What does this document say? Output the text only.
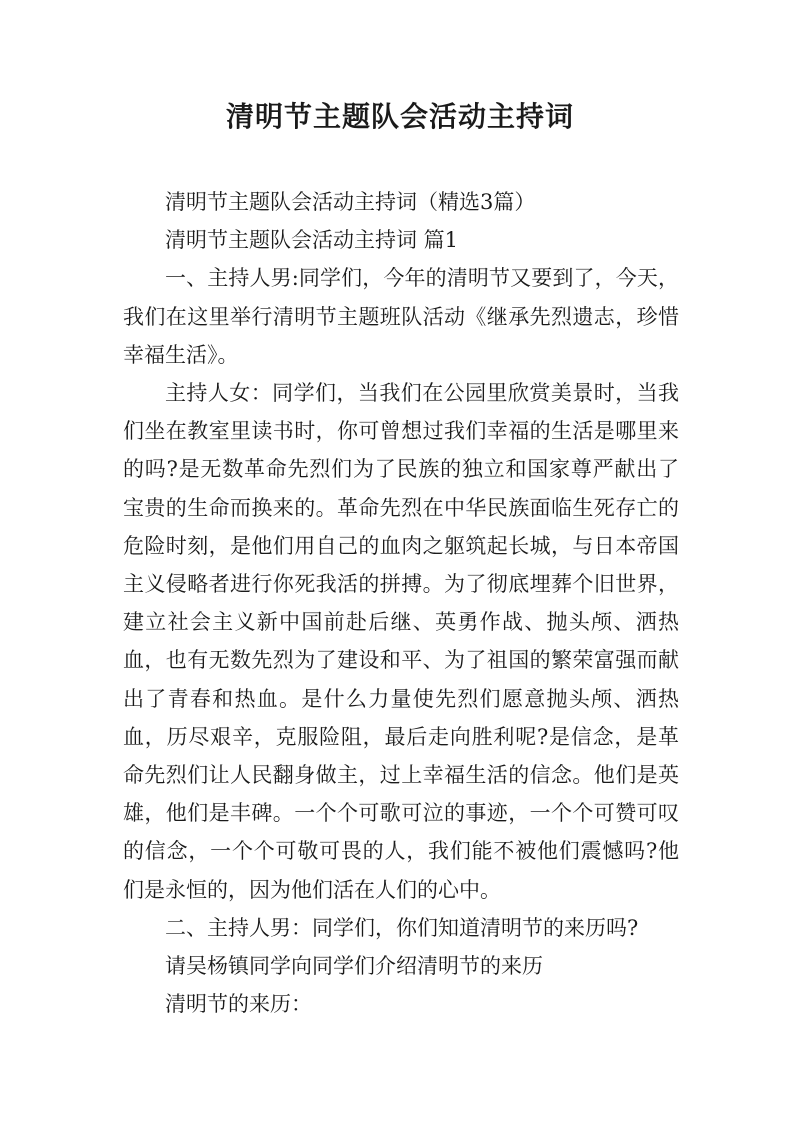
清明节主题队会活动主持词

清明节主题队会活动主持词（精选3篇）

清明节主题队会活动主持词 篇1

一、主持人男:同学们，今年的清明节又要到了，今天，我们在这里举行清明节主题班队活动《继承先烈遗志，珍惜幸福生活》。

主持人女：同学们，当我们在公园里欣赏美景时，当我们坐在教室里读书时，你可曾想过我们幸福的生活是哪里来的吗?是无数革命先烈们为了民族的独立和国家尊严献出了宝贵的生命而换来的。革命先烈在中华民族面临生死存亡的危险时刻，是他们用自己的血肉之躯筑起长城，与日本帝国主义侵略者进行你死我活的拼搏。为了彻底埋葬个旧世界，建立社会主义新中国前赴后继、英勇作战、抛头颅、洒热血，也有无数先烈为了建设和平、为了祖国的繁荣富强而献出了青春和热血。是什么力量使先烈们愿意抛头颅、洒热血，历尽艰辛，克服险阻，最后走向胜利呢?是信念，是革命先烈们让人民翻身做主，过上幸福生活的信念。他们是英雄，他们是丰碑。一个个可歌可泣的事迹，一个个可赞可叹的信念，一个个可敬可畏的人，我们能不被他们震憾吗?他们是永恒的，因为他们活在人们的心中。

二、主持人男：同学们，你们知道清明节的来历吗?

请吴杨镇同学向同学们介绍清明节的来历

清明节的来历：
